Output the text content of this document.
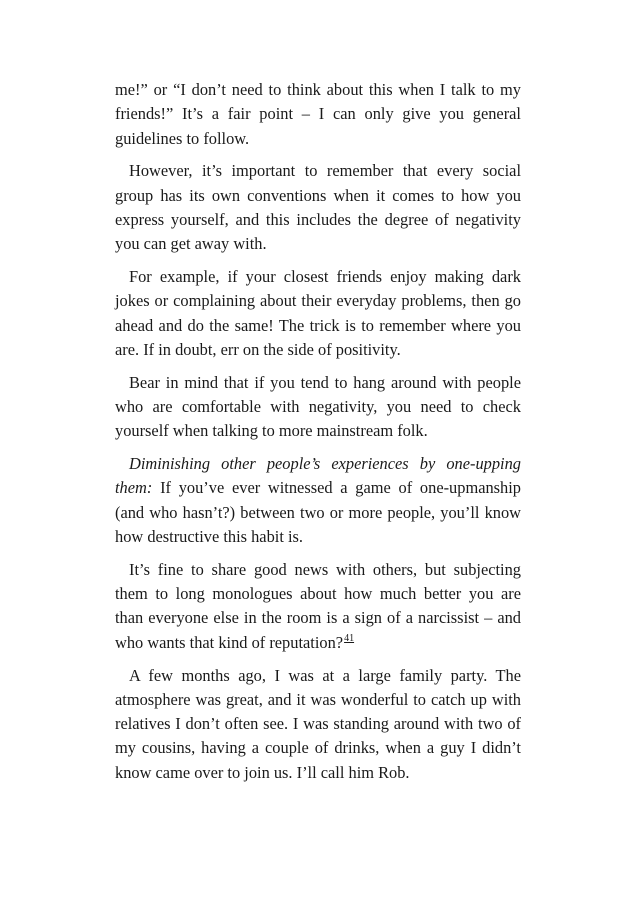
me!” or “I don’t need to think about this when I talk to my friends!” It’s a fair point – I can only give you general guidelines to follow.

However, it’s important to remember that every social group has its own conventions when it comes to how you express yourself, and this includes the degree of negativity you can get away with.

For example, if your closest friends enjoy making dark jokes or complaining about their everyday problems, then go ahead and do the same! The trick is to remember where you are. If in doubt, err on the side of positivity.

Bear in mind that if you tend to hang around with people who are comfortable with negativity, you need to check yourself when talking to more mainstream folk.

Diminishing other people’s experiences by one-upping them: If you’ve ever witnessed a game of one-upmanship (and who hasn’t?) between two or more people, you’ll know how destructive this habit is.

It’s fine to share good news with others, but subjecting them to long monologues about how much better you are than everyone else in the room is a sign of a narcissist – and who wants that kind of reputation?$^{41}$

A few months ago, I was at a large family party. The atmosphere was great, and it was wonderful to catch up with relatives I don’t often see. I was standing around with two of my cousins, having a couple of drinks, when a guy I didn’t know came over to join us. I’ll call him Rob.
